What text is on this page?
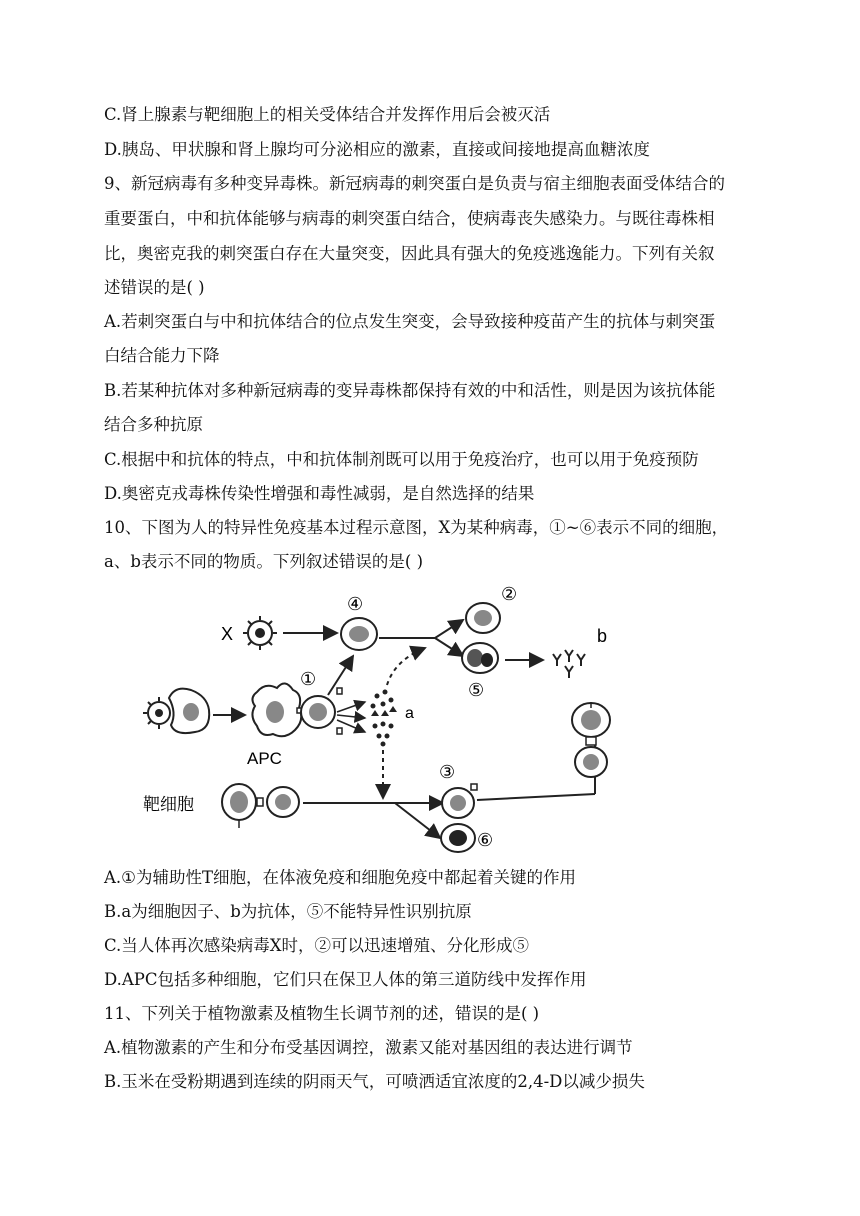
C.肾上腺素与靶细胞上的相关受体结合并发挥作用后会被灭活
D.胰岛、甲状腺和肾上腺均可分泌相应的激素，直接或间接地提高血糖浓度
9、新冠病毒有多种变异毒株。新冠病毒的刺突蛋白是负责与宿主细胞表面受体结合的
重要蛋白，中和抗体能够与病毒的刺突蛋白结合，使病毒丧失感染力。与既往毒株相
比，奥密克我的刺突蛋白存在大量突变，因此具有强大的免疫逃逸能力。下列有关叙
述错误的是( )
A.若刺突蛋白与中和抗体结合的位点发生突变，会导致接种疫苗产生的抗体与刺突蛋
白结合能力下降
B.若某种抗体对多种新冠病毒的变异毒株都保持有效的中和活性，则是因为该抗体能
结合多种抗原
C.根据中和抗体的特点，中和抗体制剂既可以用于免疫治疗，也可以用于免疫预防
D.奥密克戎毒株传染性增强和毒性减弱，是自然选择的结果
10、下图为人的特异性免疫基本过程示意图，X为某种病毒，①~⑥表示不同的细胞，
a、b表示不同的物质。下列叙述错误的是( )
X
④	②
⑤
b
APC
①
a
靶细胞
③
⑥
A.①为辅助性T细胞，在体液免疫和细胞免疫中都起着关键的作用
B.a为细胞因子、b为抗体，⑤不能特异性识别抗原
C.当人体再次感染病毒X时，②可以迅速增殖、分化形成⑤
D.APC包括多种细胞，它们只在保卫人体的第三道防线中发挥作用
11、下列关于植物激素及植物生长调节剂的述，错误的是( )
A.植物激素的产生和分布受基因调控，激素又能对基因组的表达进行调节
B.玉米在受粉期遇到连续的阴雨天气，可喷洒适宜浓度的2,4-D以减少损失
